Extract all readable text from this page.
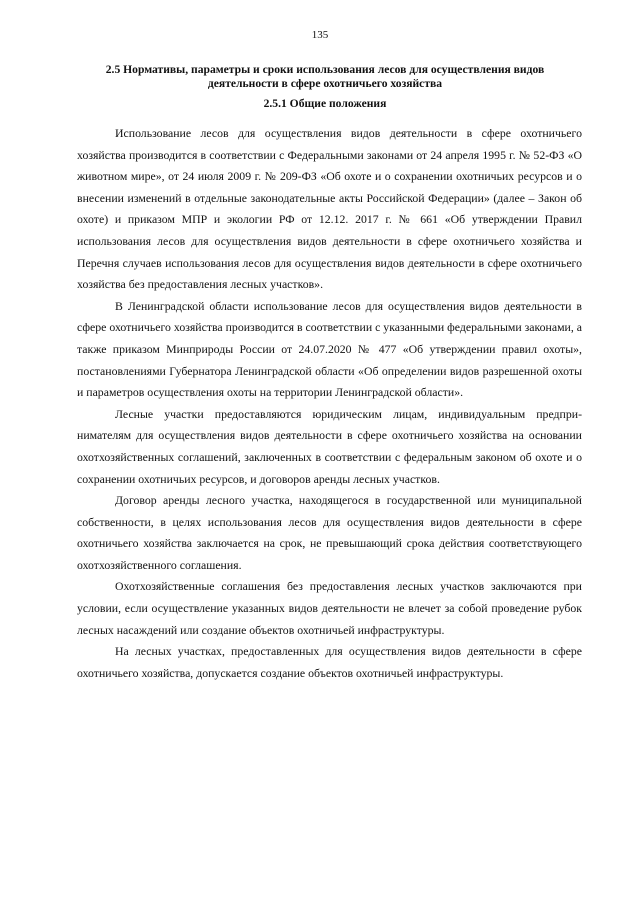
135
2.5 Нормативы, параметры и сроки использования лесов для осуществления видов деятельности в сфере охотничьего хозяйства
2.5.1 Общие положения

Использование лесов для осуществления видов деятельности в сфере охотничьего хозяйства производится в соответствии с Федеральными законами от 24 апреля 1995 г. № 52-ФЗ «О животном мире», от 24 июля 2009 г. № 209-ФЗ «Об охоте и о сохранении охотничьих ресурсов и о внесении изменений в отдельные законодательные акты Российской Федерации» (далее – Закон об охоте) и приказом МПР и экологии РФ от 12.12. 2017 г. № 661 «Об утверждении Правил использования лесов для осуществления видов деятельности в сфере охотничьего хозяйства и Перечня случаев использования лесов для осуществления видов деятельности в сфере охотничьего хозяйства без предоставления лесных участков».

В Ленинградской области использование лесов для осуществления видов деятельности в сфере охотничьего хозяйства производится в соответствии с указанными федеральными законами, а также приказом Минприроды России от 24.07.2020 № 477 «Об утверждении правил охоты», постановлениями Губернатора Ленинградской области «Об определении видов разрешенной охоты и параметров осуществления охоты на территории Ленинградской области».

Лесные участки предоставляются юридическим лицам, индивидуальным предпринимателям для осуществления видов деятельности в сфере охотничьего хозяйства на основании охотхозяйственных соглашений, заключенных в соответствии с федеральным законом об охоте и о сохранении охотничьих ресурсов, и договоров аренды лесных участков.

Договор аренды лесного участка, находящегося в государственной или муниципальной собственности, в целях использования лесов для осуществления видов деятельности в сфере охотничьего хозяйства заключается на срок, не превышающий срока действия соответствующего охотхозяйственного соглашения.

Охотхозяйственные соглашения без предоставления лесных участков заключаются при условии, если осуществление указанных видов деятельности не влечет за собой проведение рубок лесных насаждений или создание объектов охотничьей инфраструктуры.

На лесных участках, предоставленных для осуществления видов деятельности в сфере охотничьего хозяйства, допускается создание объектов охотничьей инфраструктуры.
